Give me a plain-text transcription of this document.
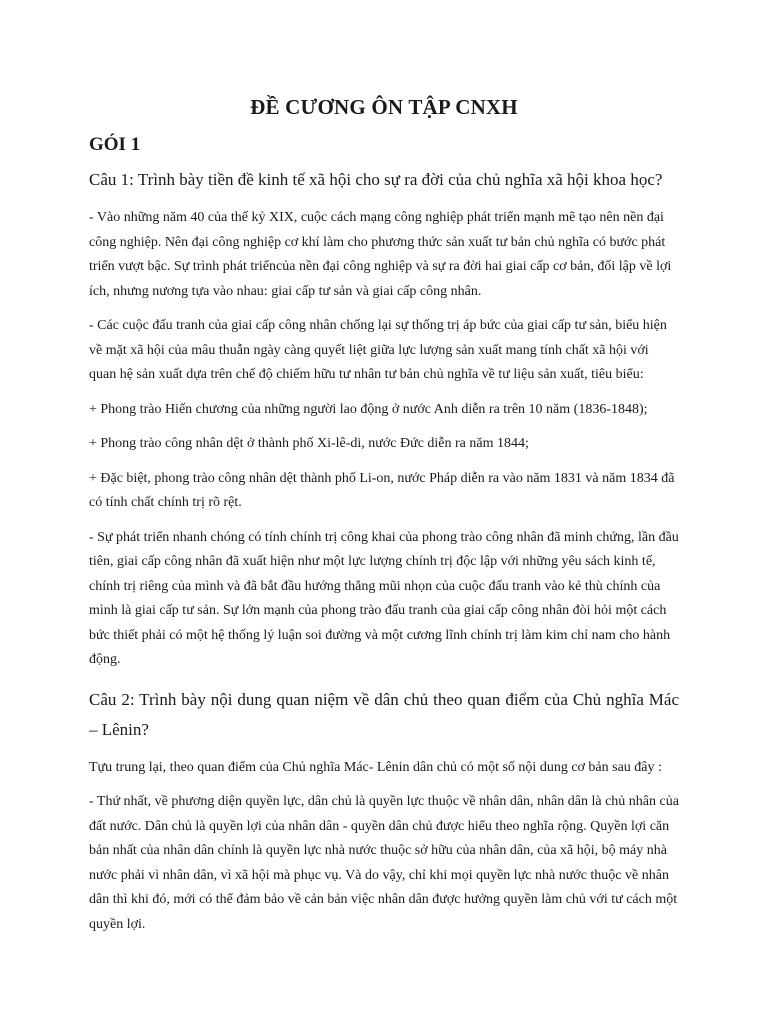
ĐỀ CƯƠNG ÔN TẬP CNXH
GÓI 1

Câu 1: Trình bày tiền đề kinh tế xã hội cho sự ra đời của chủ nghĩa xã hội khoa học?

- Vào những năm 40 của thế kỷ XIX, cuộc cách mạng công nghiệp phát triển mạnh mẽ tạo nên nền đại công nghiệp. Nên đại công nghiệp cơ khí làm cho phương thức sản xuất tư bản chủ nghĩa có bước phát triển vượt bậc. Sự trình phát triểncủa nền đại công nghiệp và sự ra đời hai giai cấp cơ bản, đối lập về lợi ích, nhưng nương tựa vào nhau: giai cấp tư sản và giai cấp công nhân.

- Các cuộc đấu tranh của giai cấp công nhân chống lại sự thống trị áp bức của giai cấp tư sản, biểu hiện về mặt xã hội của mâu thuẫn ngày càng quyết liệt giữa lực lượng sản xuất mang tính chất xã hội với quan hệ sản xuất dựa trên chế độ chiếm hữu tư nhân tư bản chủ nghĩa về tư liệu sản xuất, tiêu biểu:

+ Phong trào Hiến chương của những người lao động ở nước Anh diễn ra trên 10 năm (1836-1848);

+ Phong trào công nhân dệt ở thành phố Xi-lê-di, nước Đức diễn ra năm 1844;

+ Đặc biệt, phong trào công nhân dệt thành phố Li-on, nước Pháp diễn ra vào năm 1831 và năm 1834 đã có tính chất chính trị rõ rệt.

- Sự phát triển nhanh chóng có tính chính trị công khai của phong trào công nhân đã minh chứng, lần đầu tiên, giai cấp công nhân đã xuất hiện như một lực lượng chính trị độc lập với những yêu sách kinh tế, chính trị riêng của mình và đã bắt đầu hướng thẳng mũi nhọn của cuộc đấu tranh vào kẻ thù chính của mình là giai cấp tư sản. Sự lớn mạnh của phong trào đấu tranh của giai cấp công nhân đòi hỏi một cách bức thiết phải có một hệ thống lý luận soi đường và một cương lĩnh chính trị làm kim chỉ nam cho hành động.

Câu 2: Trình bày nội dung quan niệm về dân chủ theo quan điểm của Chủ nghĩa Mác – Lênin?

Tựu trung lại, theo quan điểm của Chủ nghĩa Mác- Lênin dân chủ có một số nội dung cơ bản sau đây :

- Thứ nhất, về phương diện quyền lực, dân chủ là quyền lực thuộc về nhân dân, nhân dân là chủ nhân của đất nước. Dân chủ là quyền lợi của nhân dân - quyền dân chủ được hiểu theo nghĩa rộng. Quyền lợi căn bản nhất của nhân dân chính là quyền lực nhà nước thuộc sở hữu của nhân dân, của xã hội, bộ máy nhà nước phải vì nhân dân, vì xã hội mà phục vụ. Và do vậy, chỉ khi mọi quyền lực nhà nước thuộc về nhân dân thì khi đó, mới có thể đảm bảo về cản bản việc nhân dân được hưởng quyền làm chủ với tư cách một quyền lợi.
